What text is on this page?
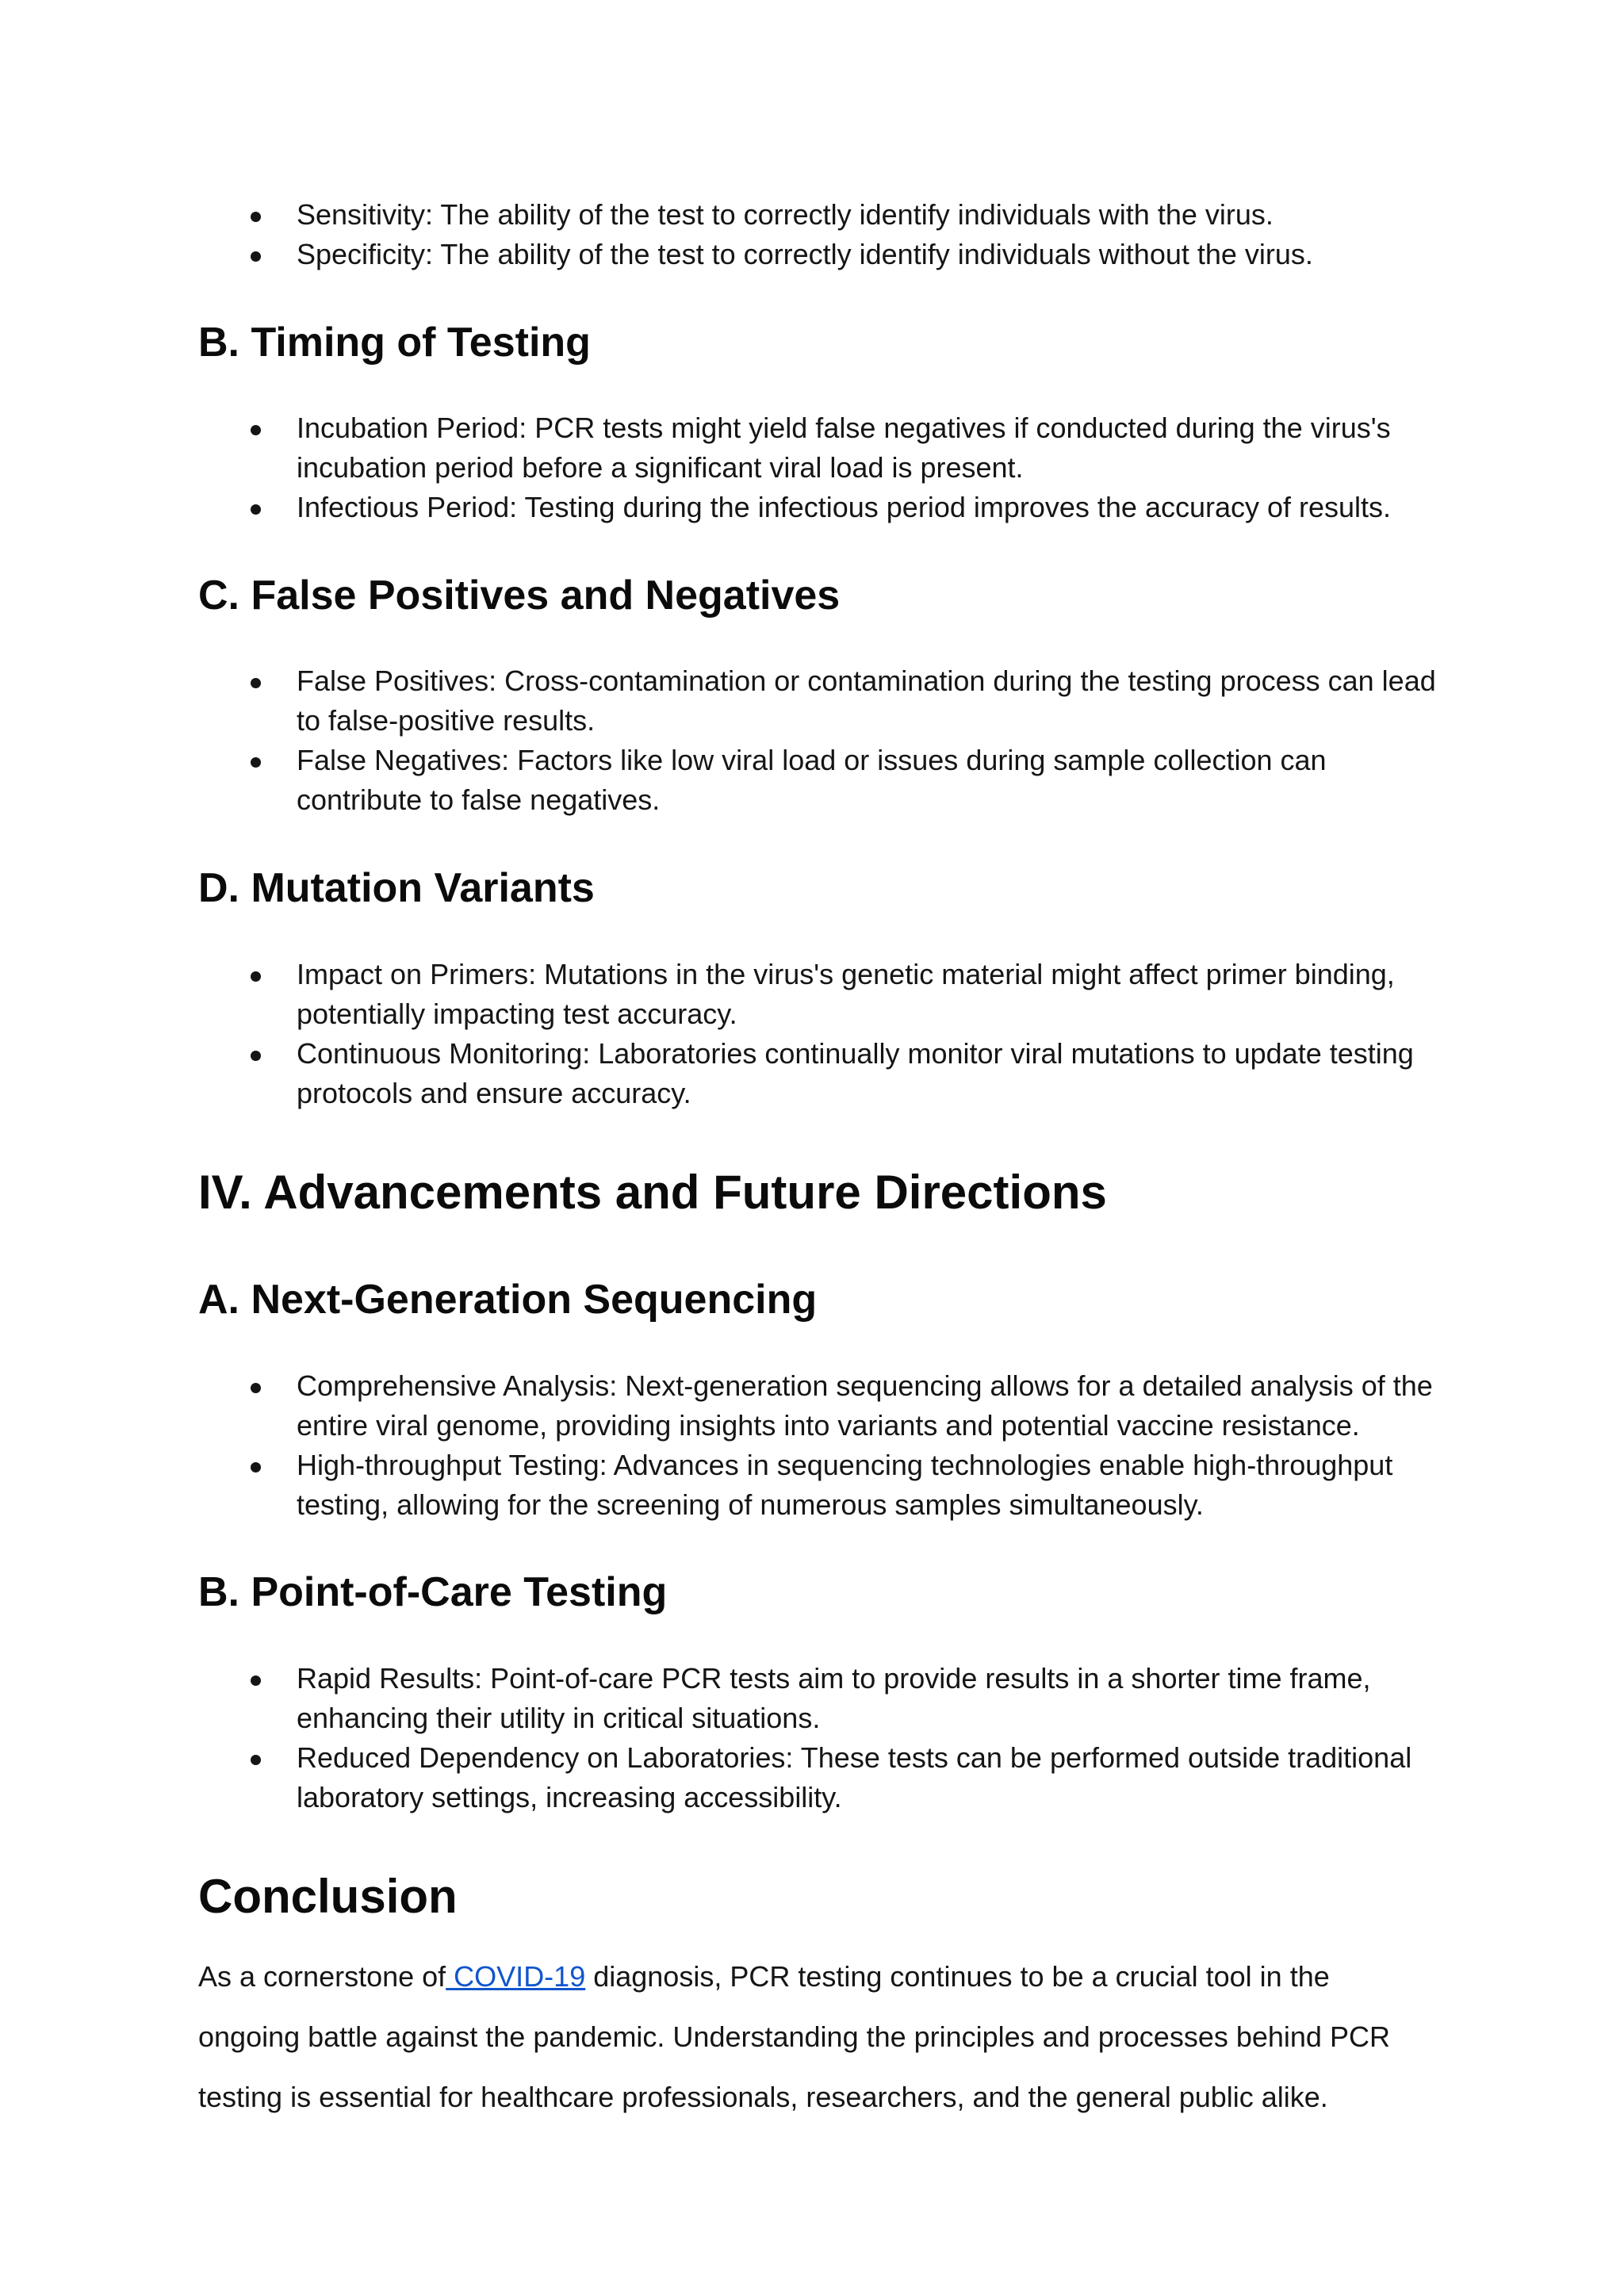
Sensitivity: The ability of the test to correctly identify individuals with the virus.
Specificity: The ability of the test to correctly identify individuals without the virus.
B. Timing of Testing
Incubation Period: PCR tests might yield false negatives if conducted during the virus's incubation period before a significant viral load is present.
Infectious Period: Testing during the infectious period improves the accuracy of results.
C. False Positives and Negatives
False Positives: Cross-contamination or contamination during the testing process can lead to false-positive results.
False Negatives: Factors like low viral load or issues during sample collection can contribute to false negatives.
D. Mutation Variants
Impact on Primers: Mutations in the virus's genetic material might affect primer binding, potentially impacting test accuracy.
Continuous Monitoring: Laboratories continually monitor viral mutations to update testing protocols and ensure accuracy.
IV. Advancements and Future Directions
A. Next-Generation Sequencing
Comprehensive Analysis: Next-generation sequencing allows for a detailed analysis of the entire viral genome, providing insights into variants and potential vaccine resistance.
High-throughput Testing: Advances in sequencing technologies enable high-throughput testing, allowing for the screening of numerous samples simultaneously.
B. Point-of-Care Testing
Rapid Results: Point-of-care PCR tests aim to provide results in a shorter time frame, enhancing their utility in critical situations.
Reduced Dependency on Laboratories: These tests can be performed outside traditional laboratory settings, increasing accessibility.
Conclusion

As a cornerstone of COVID-19 diagnosis, PCR testing continues to be a crucial tool in the ongoing battle against the pandemic. Understanding the principles and processes behind PCR testing is essential for healthcare professionals, researchers, and the general public alike.
